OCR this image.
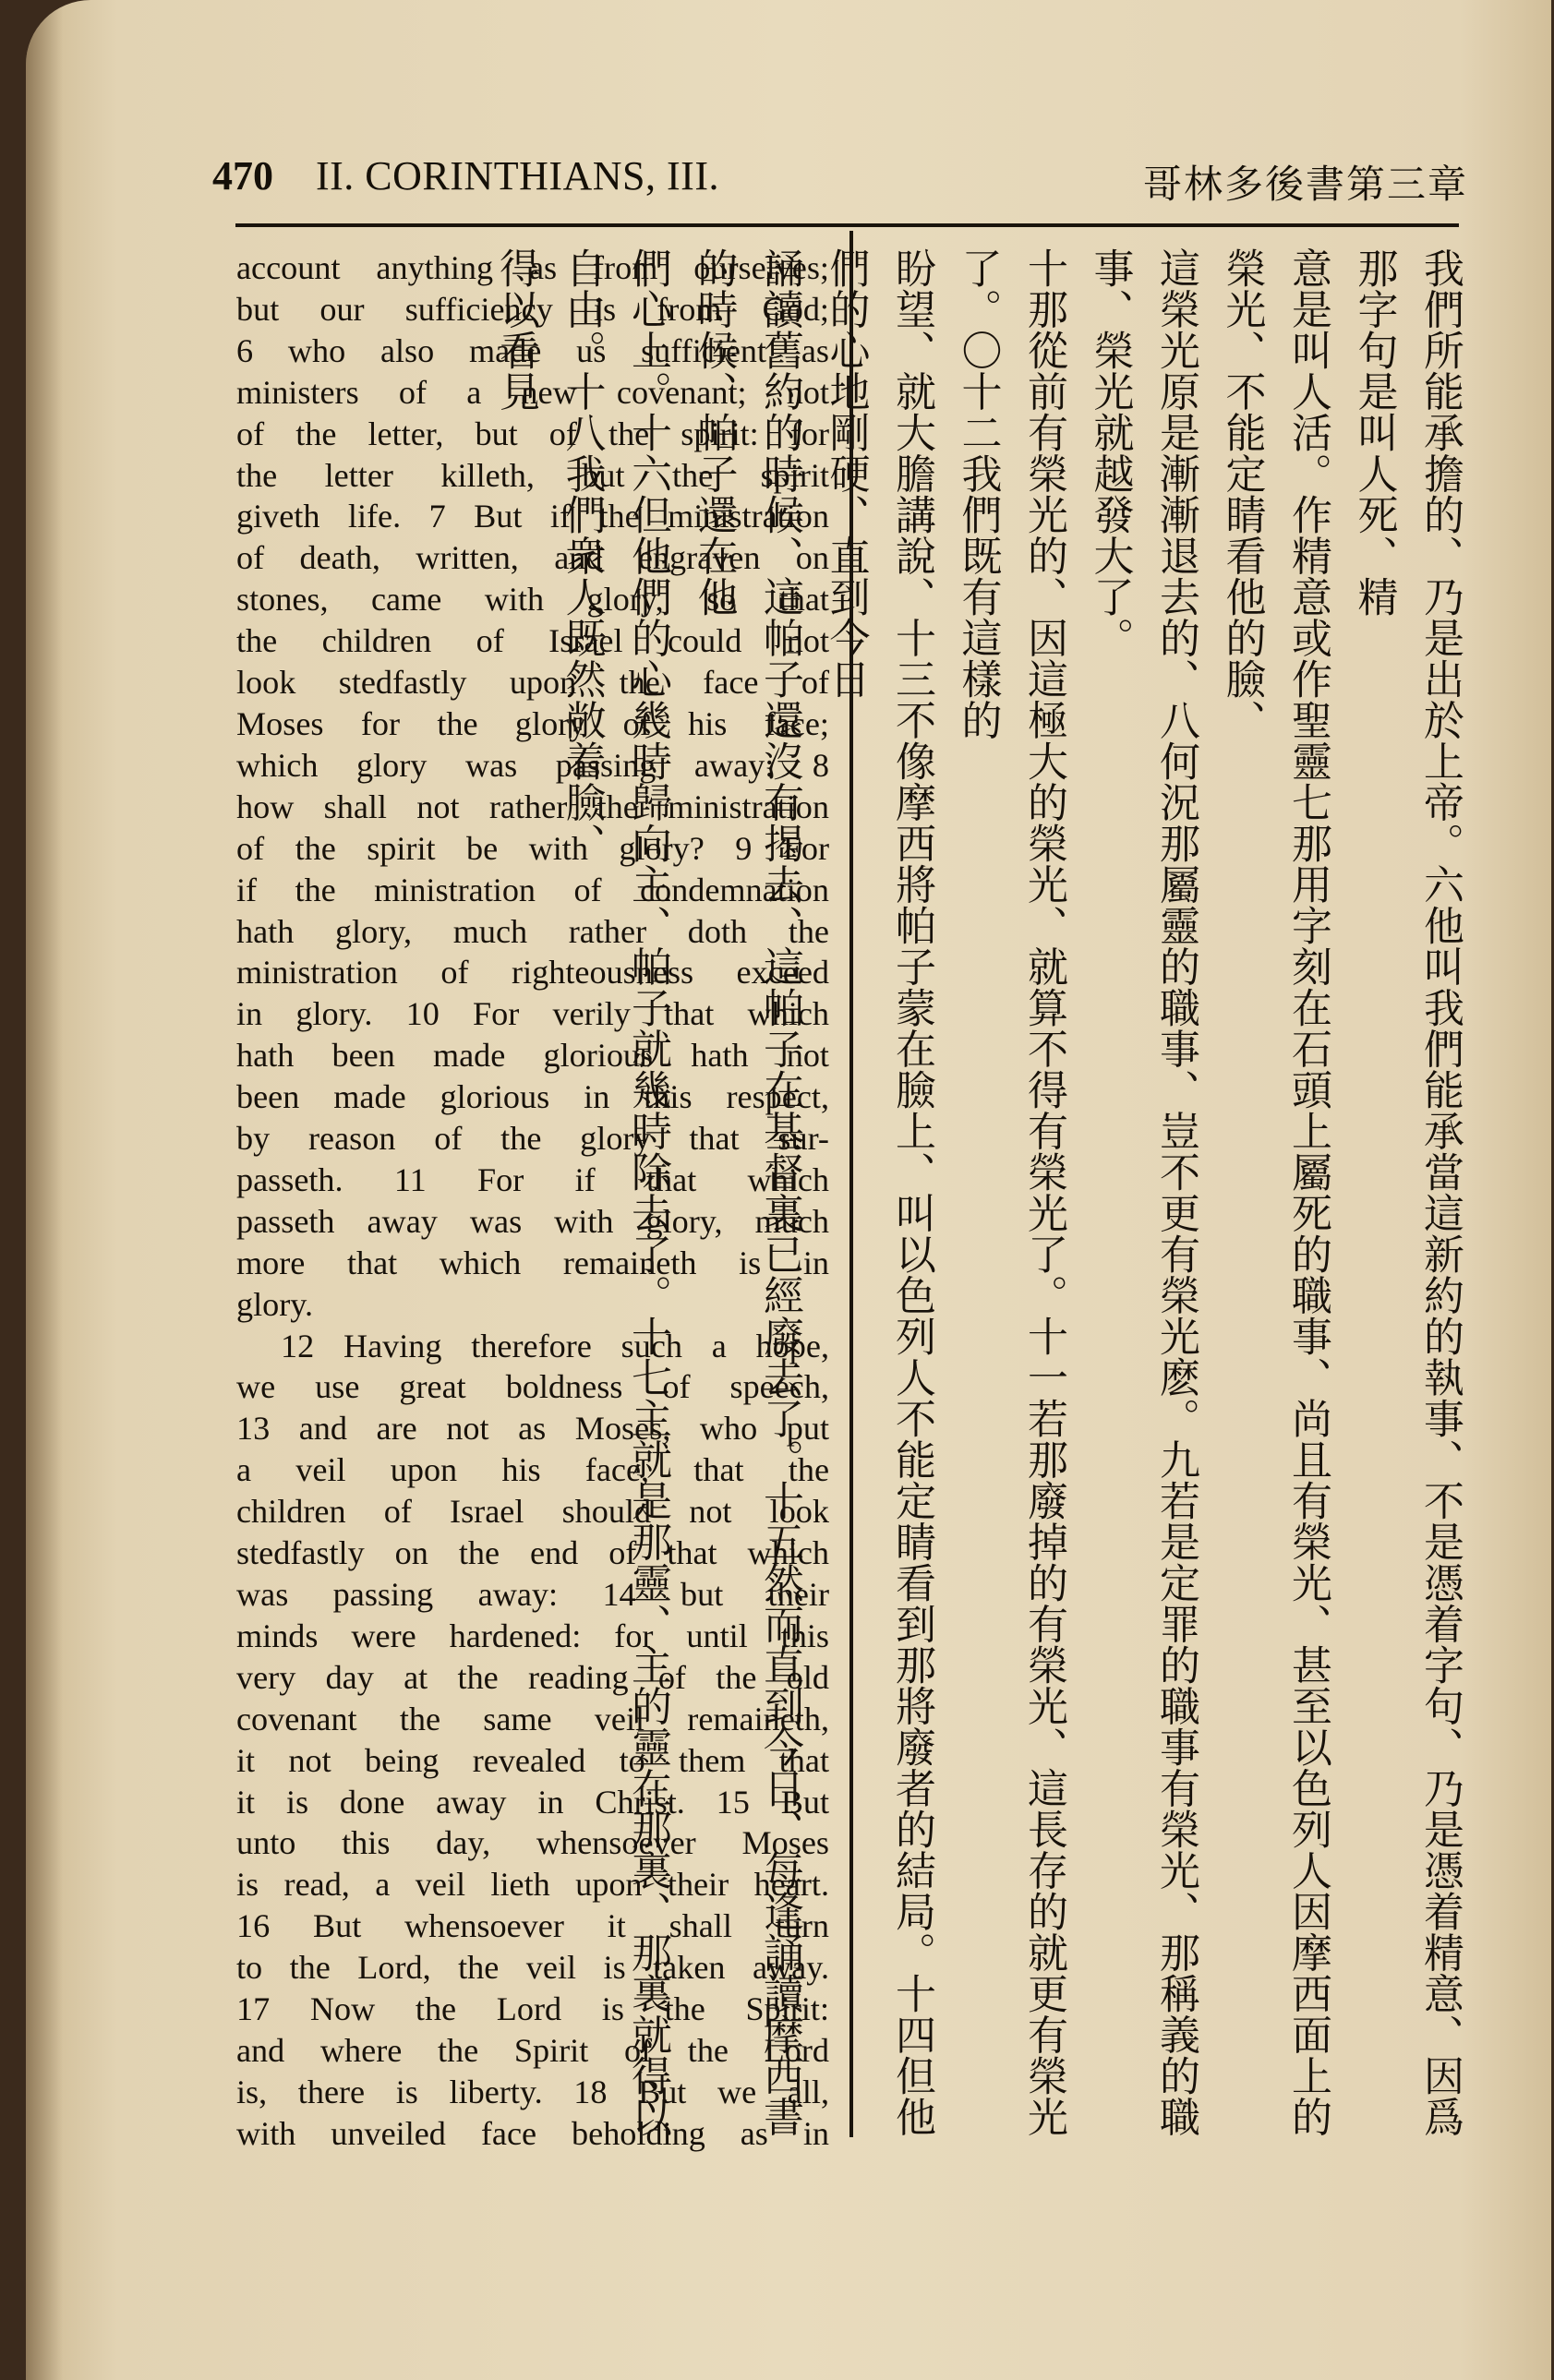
470 II. CORINTHIANS, III.	哥林多後書第三章

account anything as from ourselves;

but our sufficiency is from God;

6 who also made us sufficient as

ministers of a new covenant; not

of the letter, but of the spirit: for

the letter killeth, but the spirit

giveth life. 7 But if the ministration

of death, written, and engraven on

stones, came with glory, so that

the children of Israel could not

look stedfastly upon the face of

Moses for the glory of his face;

which glory was passing away: 8

how shall not rather the ministration

of the spirit be with glory? 9 For

if the ministration of condemnation

hath glory, much rather doth the

ministration of righteousness exceed

in glory. 10 For verily that which

hath been made glorious hath not

been made glorious in this respect,

by reason of the glory that sur-

passeth. 11 For if that which

passeth away was with glory, much

more that which remaineth is in

glory.

12 Having therefore such a hope,

we use great boldness of speech,

13 and are not as Moses, who put

a veil upon his face, that the

children of Israel should not look

stedfastly on the end of that which

was passing away: 14 but their

minds were hardened: for until this

very day at the reading of the old

covenant the same veil remaineth,

it not being revealed to them that

it is done away in Christ. 15 But

unto this day, whensoever Moses

is read, a veil lieth upon their heart.

16 But whensoever it shall turn

to the Lord, the veil is taken away.

17 Now the Lord is the Spirit:

and where the Spirit of the Lord

is, there is liberty. 18 But we all,

with unveiled face beholding as in	我們所能承擔的、乃是出於上帝。六他叫我們能承當這新約的執事、不是憑着字句、乃是憑着精意、因爲那字句是叫人死、精

意是叫人活。作精意或作聖靈七那用字刻在石頭上屬死的職事、尚且有榮光、甚至以色列人因摩西面上的榮光、不能定睛看他的臉、

這榮光原是漸漸退去的、八何況那屬靈的職事、豈不更有榮光麽。九若是定罪的職事有榮光、那稱義的職事、榮光就越發大了。

十那從前有榮光的、因這極大的榮光、就算不得有榮光了。十一若那廢掉的有榮光、這長存的就更有榮光了。〇十二我們既有這樣的

盼望、就大膽講說、十三不像摩西將帕子蒙在臉上、叫以色列人不能定睛看到那將廢者的結局。十四但他們的心地剛硬、直到今日

誦讀舊約的時候、這帕子還沒有揭去、這帕子在基督裏已經廢去了。十五然而直到今日、每逢誦讀摩西書的時候、帕子還在他

們心上。十六但他們的心幾時歸向主、帕子就幾時除去了。十七主就是那靈、主的靈在那裏、那裏就得以自由。十八我們衆人既然敞着臉、

得以看見
